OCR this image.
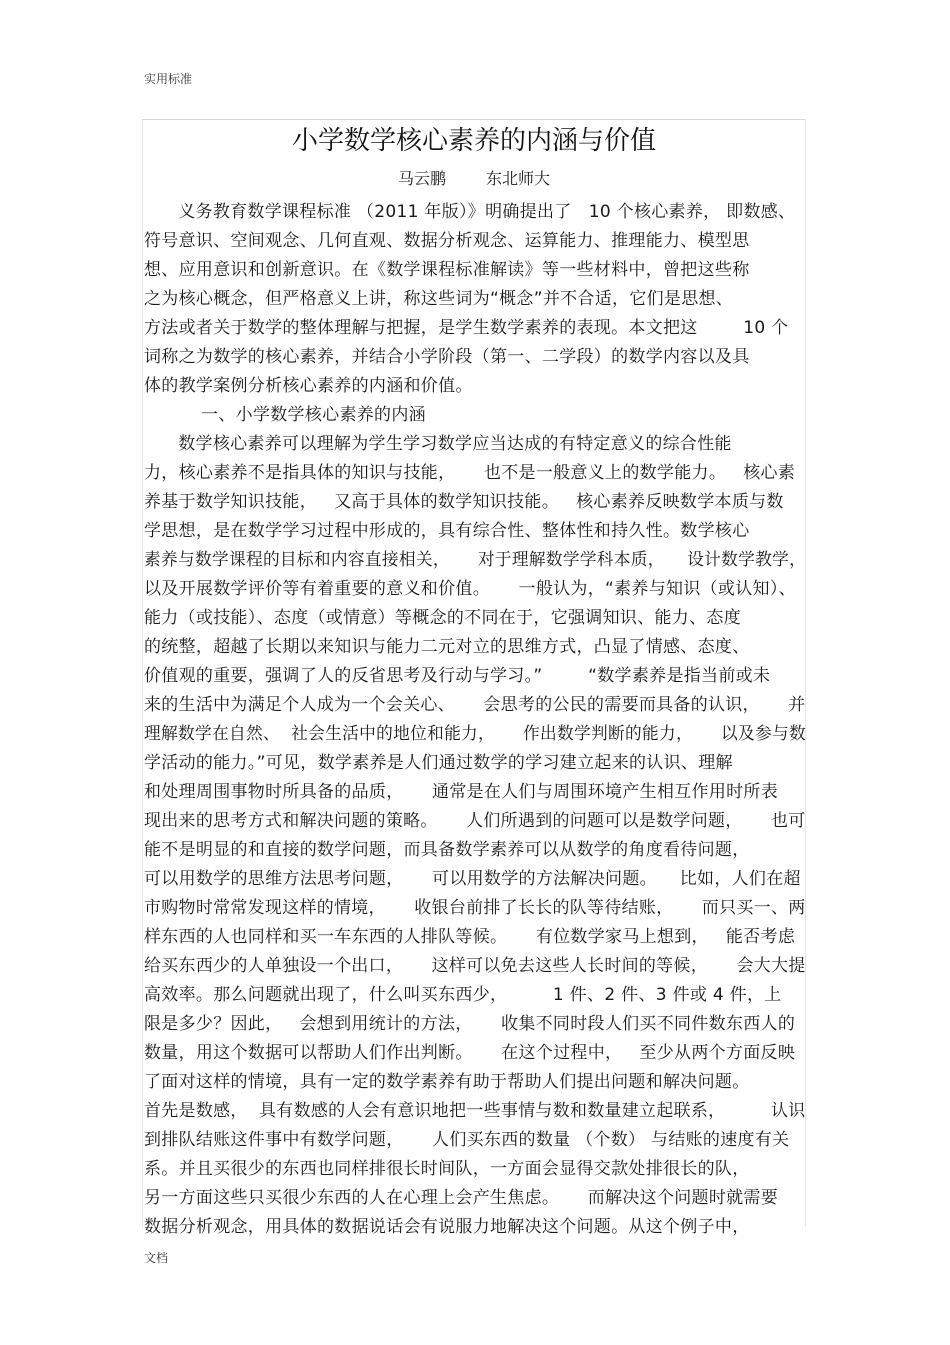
实用标准
小学数学核心素养的内涵与价值
马云鹏	东北师大
义务教育数学课程标准 （2011 年版）》明确提出了   10 个核心素养， 即数感、
符号意识、空间观念、几何直观、数据分析观念、运算能力、推理能力、模型思
想、应用意识和创新意识。在《数学课程标准解读》等一些材料中，曾把这些称
之为核心概念，但严格意义上讲，称这些词为“概念”并不合适，它们是思想、
方法或者关于数学的整体理解与把握，是学生数学素养的表现。本文把这        10 个
词称之为数学的核心素养，并结合小学阶段（第一、二学段）的数学内容以及具
体的教学案例分析核心素养的内涵和价值。
一、小学数学核心素养的内涵
数学核心素养可以理解为学生学习数学应当达成的有特定意义的综合性能
力，核心素养不是指具体的知识与技能，     也不是一般意义上的数学能力。   核心素
养基于数学知识技能，   又高于具体的数学知识技能。   核心素养反映数学本质与数
学思想，是在数学学习过程中形成的，具有综合性、整体性和持久性。数学核心
素养与数学课程的目标和内容直接相关，     对于理解数学学科本质，    设计数学教学，
以及开展数学评价等有着重要的意义和价值。     一般认为，“素养与知识（或认知）、
能力（或技能）、态度（或情意）等概念的不同在于，它强调知识、能力、态度
的统整，超越了长期以来知识与能力二元对立的思维方式，凸显了情感、态度、
价值观的重要，强调了人的反省思考及行动与学习。”        “数学素养是指当前或未
来的生活中为满足个人成为一个会关心、     会思考的公民的需要而具备的认识，     并
理解数学在自然、  社会生活中的地位和能力，     作出数学判断的能力，     以及参与数
学活动的能力。”可见，数学素养是人们通过数学的学习建立起来的认识、理解
和处理周围事物时所具备的品质，     通常是在人们与周围环境产生相互作用时所表
现出来的思考方式和解决问题的策略。     人们所遇到的问题可以是数学问题，     也可
能不是明显的和直接的数学问题，而具备数学素养可以从数学的角度看待问题，
可以用数学的思维方法思考问题，     可以用数学的方法解决问题。    比如，人们在超
市购物时常常发现这样的情境，     收银台前排了长长的队等待结账，     而只买一、两
样东西的人也同样和买一车东西的人排队等候。     有位数学家马上想到，   能否考虑
给买东西少的人单独设一个出口，     这样可以免去这些人长时间的等候，     会大大提
高效率。那么问题就出现了，什么叫买东西少，        1 件、2 件、3 件或 4 件，上
限是多少？因此，   会想到用统计的方法，     收集不同时段人们买不同件数东西人的
数量，用这个数据可以帮助人们作出判断。     在这个过程中，   至少从两个方面反映
了面对这样的情境，具有一定的数学素养有助于帮助人们提出问题和解决问题。
首先是数感，  具有数感的人会有意识地把一些事情与数和数量建立起联系，        认识
到排队结账这件事中有数学问题，     人们买东西的数量 （个数） 与结账的速度有关
系。并且买很少的东西也同样排很长时间队，一方面会显得交款处排很长的队，
另一方面这些只买很少东西的人在心理上会产生焦虑。     而解决这个问题时就需要
数据分析观念，用具体的数据说话会有说服力地解决这个问题。从这个例子中，
文档
